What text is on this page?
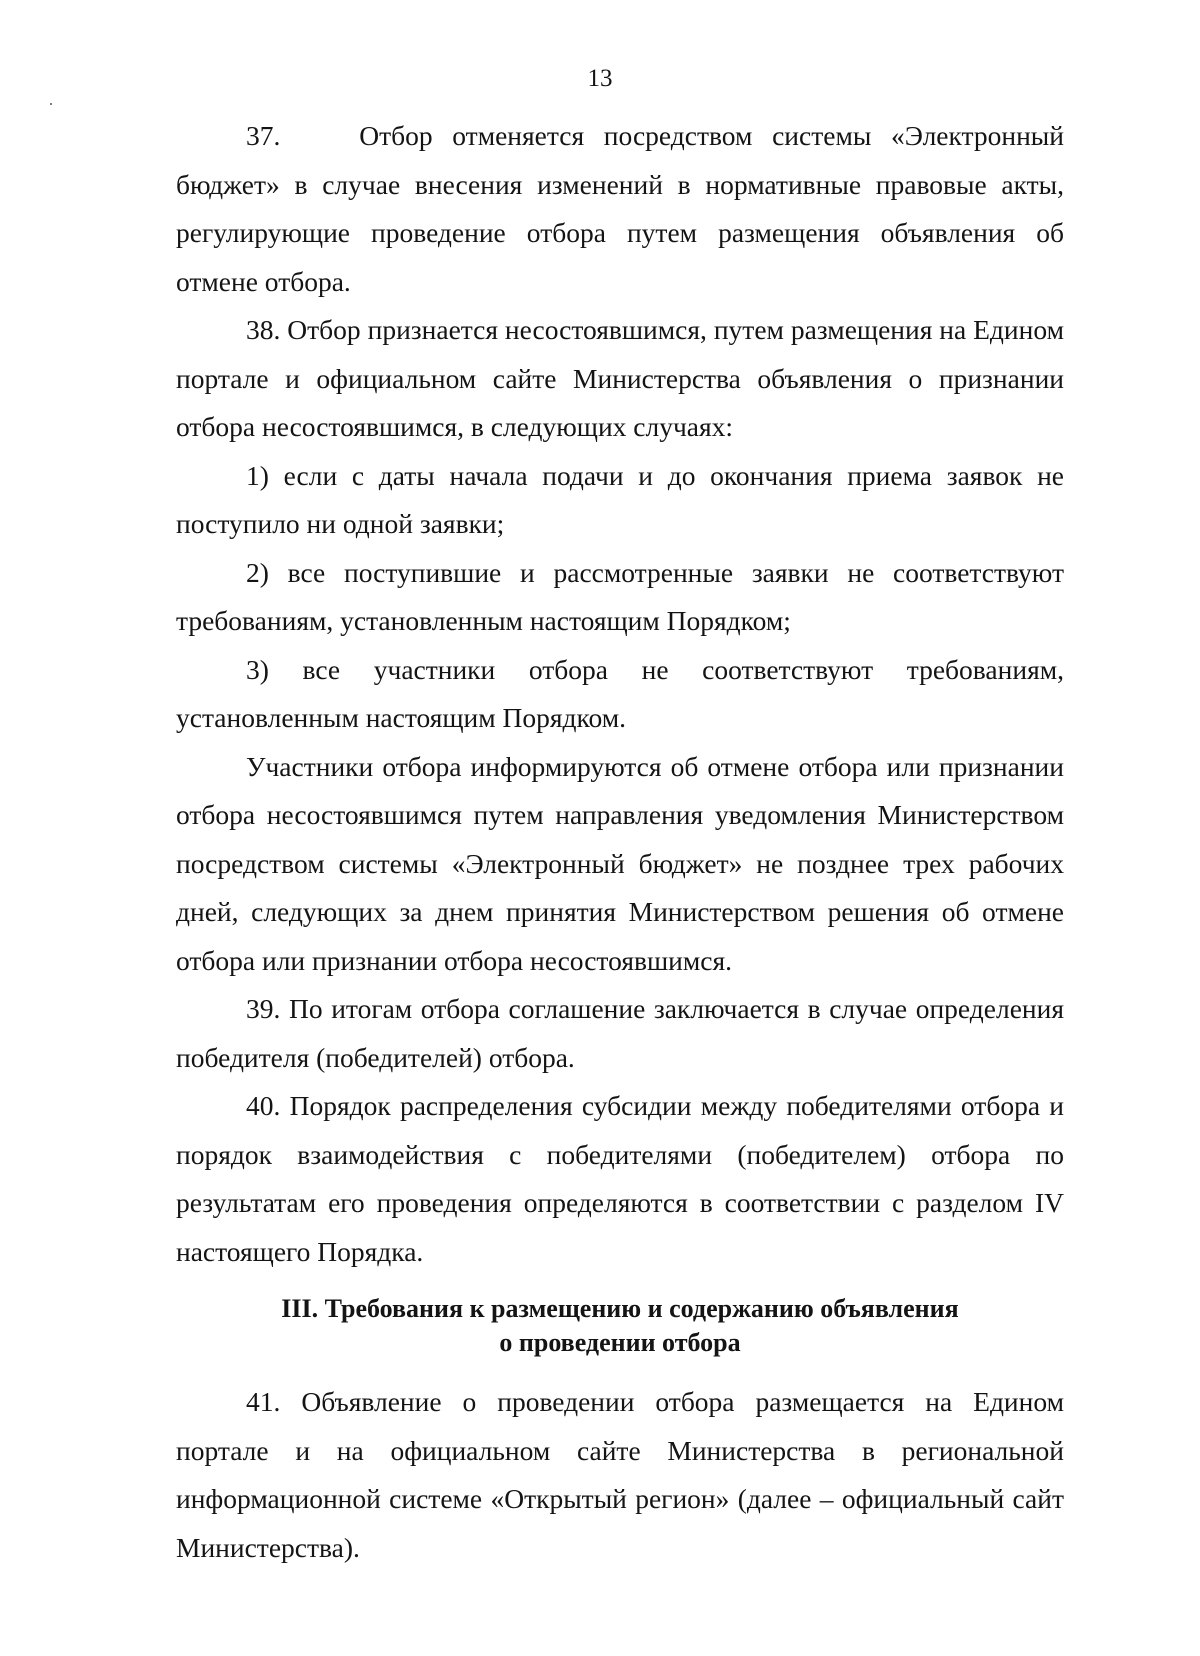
13

37.    Отбор отменяется посредством системы «Электронный бюджет» в случае внесения изменений в нормативные правовые акты, регулирующие проведение отбора путем размещения объявления об отмене отбора.

38. Отбор признается несостоявшимся, путем размещения на Едином портале и официальном сайте Министерства объявления о признании отбора несостоявшимся, в следующих случаях:

1) если с даты начала подачи и до окончания приема заявок не поступило ни одной заявки;

2) все поступившие и рассмотренные заявки не соответствуют требованиям, установленным настоящим Порядком;

3) все участники отбора не соответствуют требованиям, установленным настоящим Порядком.

Участники отбора информируются об отмене отбора или признании отбора несостоявшимся путем направления уведомления Министерством посредством системы «Электронный бюджет» не позднее трех рабочих дней, следующих за днем принятия Министерством решения об отмене отбора или признании отбора несостоявшимся.

39. По итогам отбора соглашение заключается в случае определения победителя (победителей) отбора.

40. Порядок распределения субсидии между победителями отбора и порядок взаимодействия с победителями (победителем) отбора по результатам его проведения определяются в соответствии с разделом IV настоящего Порядка.

III. Требования к размещению и содержанию объявления
о проведении отбора

41. Объявление о проведении отбора размещается на Едином портале и на официальном сайте Министерства в региональной информационной системе «Открытый регион» (далее – официальный сайт Министерства).
